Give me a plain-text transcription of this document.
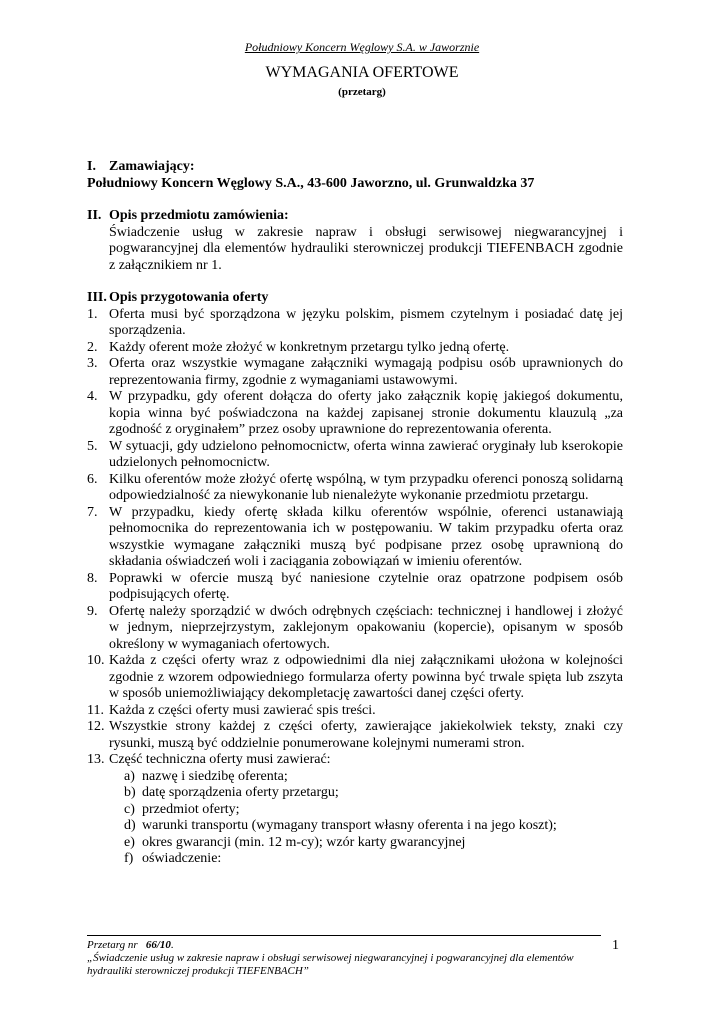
Południowy Koncern Węglowy S.A. w Jaworznie
WYMAGANIA OFERTOWE
(przetarg)
I. Zamawiający:
Południowy Koncern Węglowy S.A., 43-600 Jaworzno, ul. Grunwaldzka 37
II. Opis przedmiotu zamówienia:
Świadczenie usług w zakresie napraw i obsługi serwisowej niegwarancyjnej i pogwarancyjnej dla elementów hydrauliki sterowniczej produkcji TIEFENBACH zgodnie z załącznikiem nr 1.
III. Opis przygotowania oferty
1. Oferta musi być sporządzona w języku polskim, pismem czytelnym i posiadać datę jej sporządzenia.
2. Każdy oferent może złożyć w konkretnym przetargu tylko jedną ofertę.
3. Oferta oraz wszystkie wymagane załączniki wymagają podpisu osób uprawnionych do reprezentowania firmy, zgodnie z wymaganiami ustawowymi.
4. W przypadku, gdy oferent dołącza do oferty jako załącznik kopię jakiegoś dokumentu, kopia winna być poświadczona na każdej zapisanej stronie dokumentu klauzulą „za zgodność z oryginałem” przez osoby uprawnione do reprezentowania oferenta.
5. W sytuacji, gdy udzielono pełnomocnictw, oferta winna zawierać oryginały lub kserokopie udzielonych pełnomocnictw.
6. Kilku oferentów może złożyć ofertę wspólną, w tym przypadku oferenci ponoszą solidarną odpowiedzialność za niewykonanie lub nienależyte wykonanie przedmiotu przetargu.
7. W przypadku, kiedy ofertę składa kilku oferentów wspólnie, oferenci ustanawiają pełnomocnika do reprezentowania ich w postępowaniu. W takim przypadku oferta oraz wszystkie wymagane załączniki muszą być podpisane przez osobę uprawnioną do składania oświadczeń woli i zaciągania zobowiązań w imieniu oferentów.
8. Poprawki w ofercie muszą być naniesione czytelnie oraz opatrzone podpisem osób podpisujących ofertę.
9. Ofertę należy sporządzić w dwóch odrębnych częściach: technicznej i handlowej i złożyć w jednym, nieprzejrzystym, zaklejonym opakowaniu (kopercie), opisanym w sposób określony w wymaganiach ofertowych.
10. Każda z części oferty wraz z odpowiednimi dla niej załącznikami ułożona w kolejności zgodnie z wzorem odpowiedniego formularza oferty powinna być trwale spięta lub zszyta w sposób uniemożliwiający dekompletację zawartości danej części oferty.
11. Każda z części oferty musi zawierać spis treści.
12. Wszystkie strony każdej z części oferty, zawierające jakiekolwiek teksty, znaki czy rysunki, muszą być oddzielnie ponumerowane kolejnymi numerami stron.
13. Część techniczna oferty musi zawierać:
a) nazwę i siedzibę oferenta;
b) datę sporządzenia oferty przetargu;
c) przedmiot oferty;
d) warunki transportu (wymagany transport własny oferenta i na jego koszt);
e) okres gwarancji (min. 12 m-cy); wzór karty gwarancyjnej
f) oświadczenie:
Przetarg nr 66/10.
„Świadczenie usług w zakresie napraw i obsługi serwisowej niegwarancyjnej i pogwarancyjnej dla elementów hydrauliki sterowniczej produkcji TIEFENBACH”
1
